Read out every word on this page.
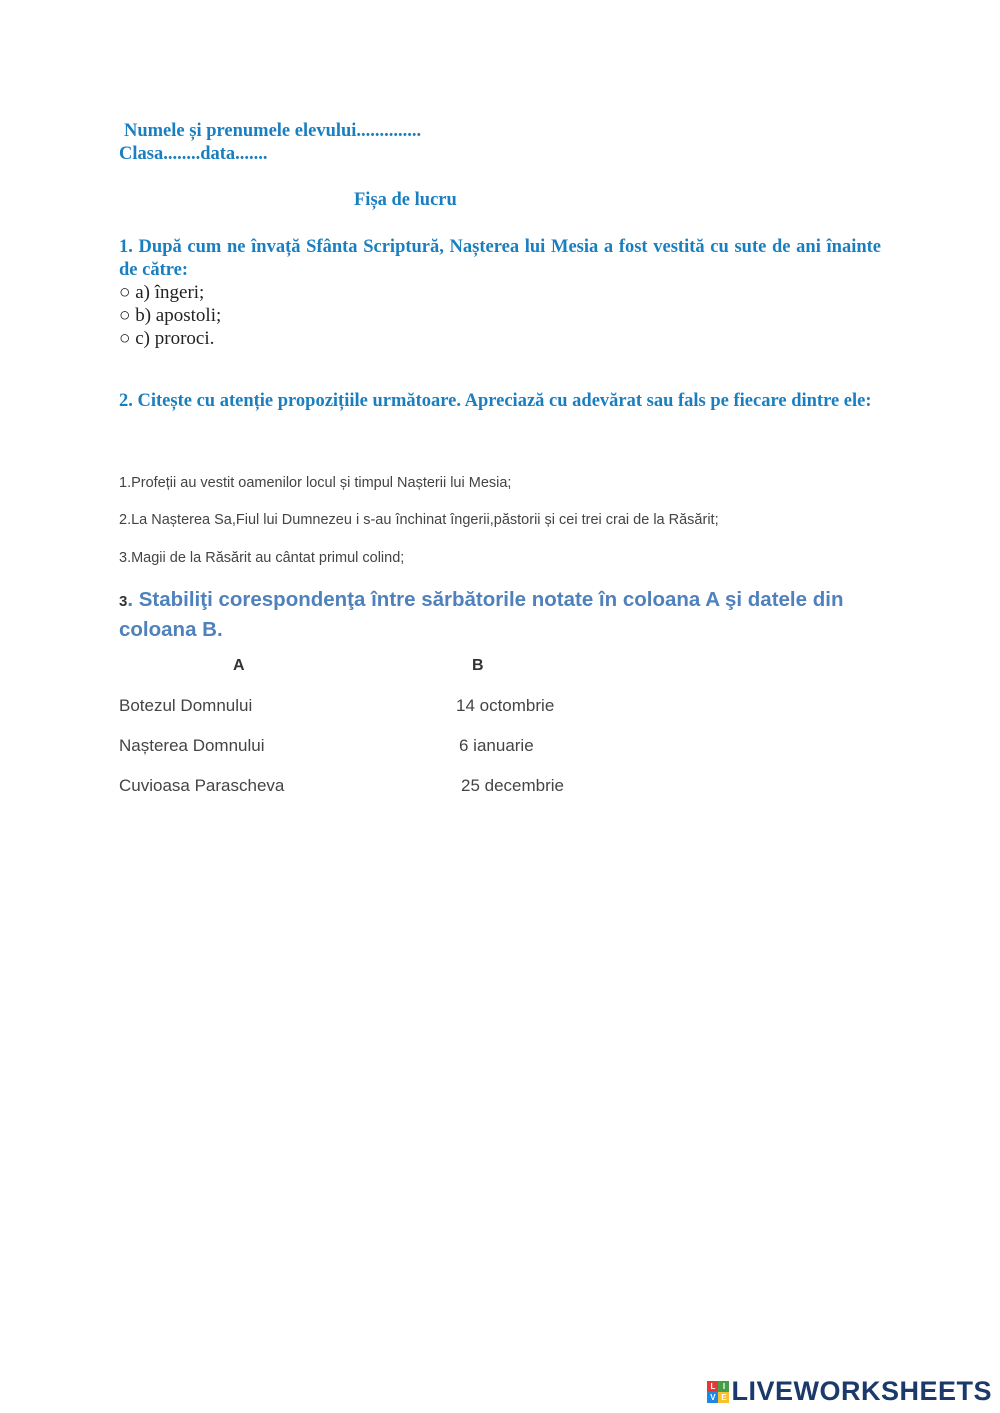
Numele și prenumele elevului..............
Clasa........data.......
Fișa de lucru
1. După cum ne învață Sfânta Scriptură, Nașterea lui Mesia a fost vestită cu sute de ani înainte de către:
○ a) îngeri;
○ b) apostoli;
○ c) proroci.
2. Citește cu atenție propozițiile următoare. Apreciază cu adevărat sau fals pe fiecare dintre ele:
1.Profeții au vestit oamenilor locul și timpul Nașterii lui Mesia;
2.La Nașterea Sa,Fiul lui Dumnezeu i s-au închinat îngerii,păstorii și cei trei crai de la Răsărit;
3.Magii de la Răsărit au cântat primul colind;
3. Stabiliţi corespondenţa între sărbătorile notate în coloana A şi datele din coloana B.
A	B
Botezul Domnului
Nașterea Domnului
Cuvioasa Parascheva
14 octombrie
6 ianuarie
25 decembrie
L I
V E LIVEWORKSHEETS
